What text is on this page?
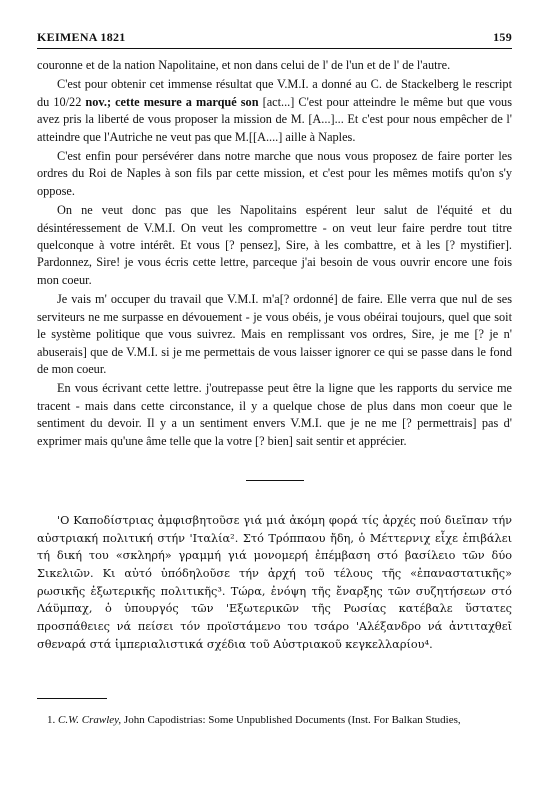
KEIMENA 1821	159

couronne et de la nation Napolitaine, et non dans celui de l' de l'un et de l' de l'autre.

C'est pour obtenir cet immense résultat que V.M.I. a donné au C. de Stackelberg le rescript du 10/22 nov.; cette mesure a marqué son [act...] C'est pour atteindre le même but que vous avez pris la liberté de vous proposer la mission de M. [A...]... Et c'est pour nous empêcher de l' atteindre que l'Autriche ne veut pas que M.[[A....] aille à Naples.

C'est enfin pour persévérer dans notre marche que nous vous proposez de faire porter les ordres du Roi de Naples à son fils par cette mission, et c'est pour les mêmes motifs qu'on s'y oppose.

On ne veut donc pas que les Napolitains espérent leur salut de l'équité et du désintéressement de V.M.I. On veut les compromettre - on veut leur faire perdre tout titre quelconque à votre intérêt. Et vous [? pensez], Sire, à les combattre, et à les [? mystifier]. Pardonnez, Sire! je vous écris cette lettre, parceque j'ai besoin de vous ouvrir encore une fois mon coeur.

Je vais m' occuper du travail que V.M.I. m'a[? ordonné] de faire. Elle verra que nul de ses serviteurs ne me surpasse en dévouement - je vous obéis, je vous obéirai toujours, quel que soit le système politique que vous suivrez. Mais en remplissant vos ordres, Sire, je me [? je n' abuserais] que de V.M.I. si je me permettais de vous laisser ignorer ce qui se passe dans le fond de mon coeur.

En vous écrivant cette lettre. j'outrepasse peut être la ligne que les rapports du service me tracent - mais dans cette circonstance, il y a quelque chose de plus dans mon coeur que le sentiment du devoir. Il y a un sentiment envers V.M.I. que je ne me [? permettrais] pas d' exprimer mais qu'une âme telle que la votre [? bien] sait sentir et apprécier.

'Ο Καποδίστριας ἀμφισβητοῦσε γιά μιά ἀκόμη φορά τίς ἀρχές πού διεῖπαν τήν αὐστριακή πολιτική στήν 'Ιταλία². Στό Τρόππαου ἤδη, ὁ Μέττερνιχ εἶχε ἐπιβάλει τή δική του «σκληρή» γραμμή γιά μονομερή ἐπέμβαση στό βασίλειο τῶν δύο Σικελιῶν. Κι αὐτό ὑπόδηλοῦσε τήν ἀρχή τοῦ τέλους τῆς «ἐπαναστατικῆς» ρωσικῆς ἐξωτερικῆς πολιτικῆς³. Τώρα, ἐνόψη τῆς ἔναρξης τῶν συζητήσεων στό Λάϋμπαχ, ὁ ὑπουργός τῶν 'Εξωτερικῶν τῆς Ρωσίας κατέβαλε ὕστατες προσπάθειες νά πείσει τόν προϊστάμενο του τσάρο 'Αλέξανδρο νά ἀντιταχθεῖ σθεναρά στά ἰμπεριαλιστικά σχέδια τοῦ Αὐστριακοῦ κεγκελλαρίου⁴.

1. C.W. Crawley, John Capodistrias: Some Unpublished Documents (Inst. For Balkan Studies,
